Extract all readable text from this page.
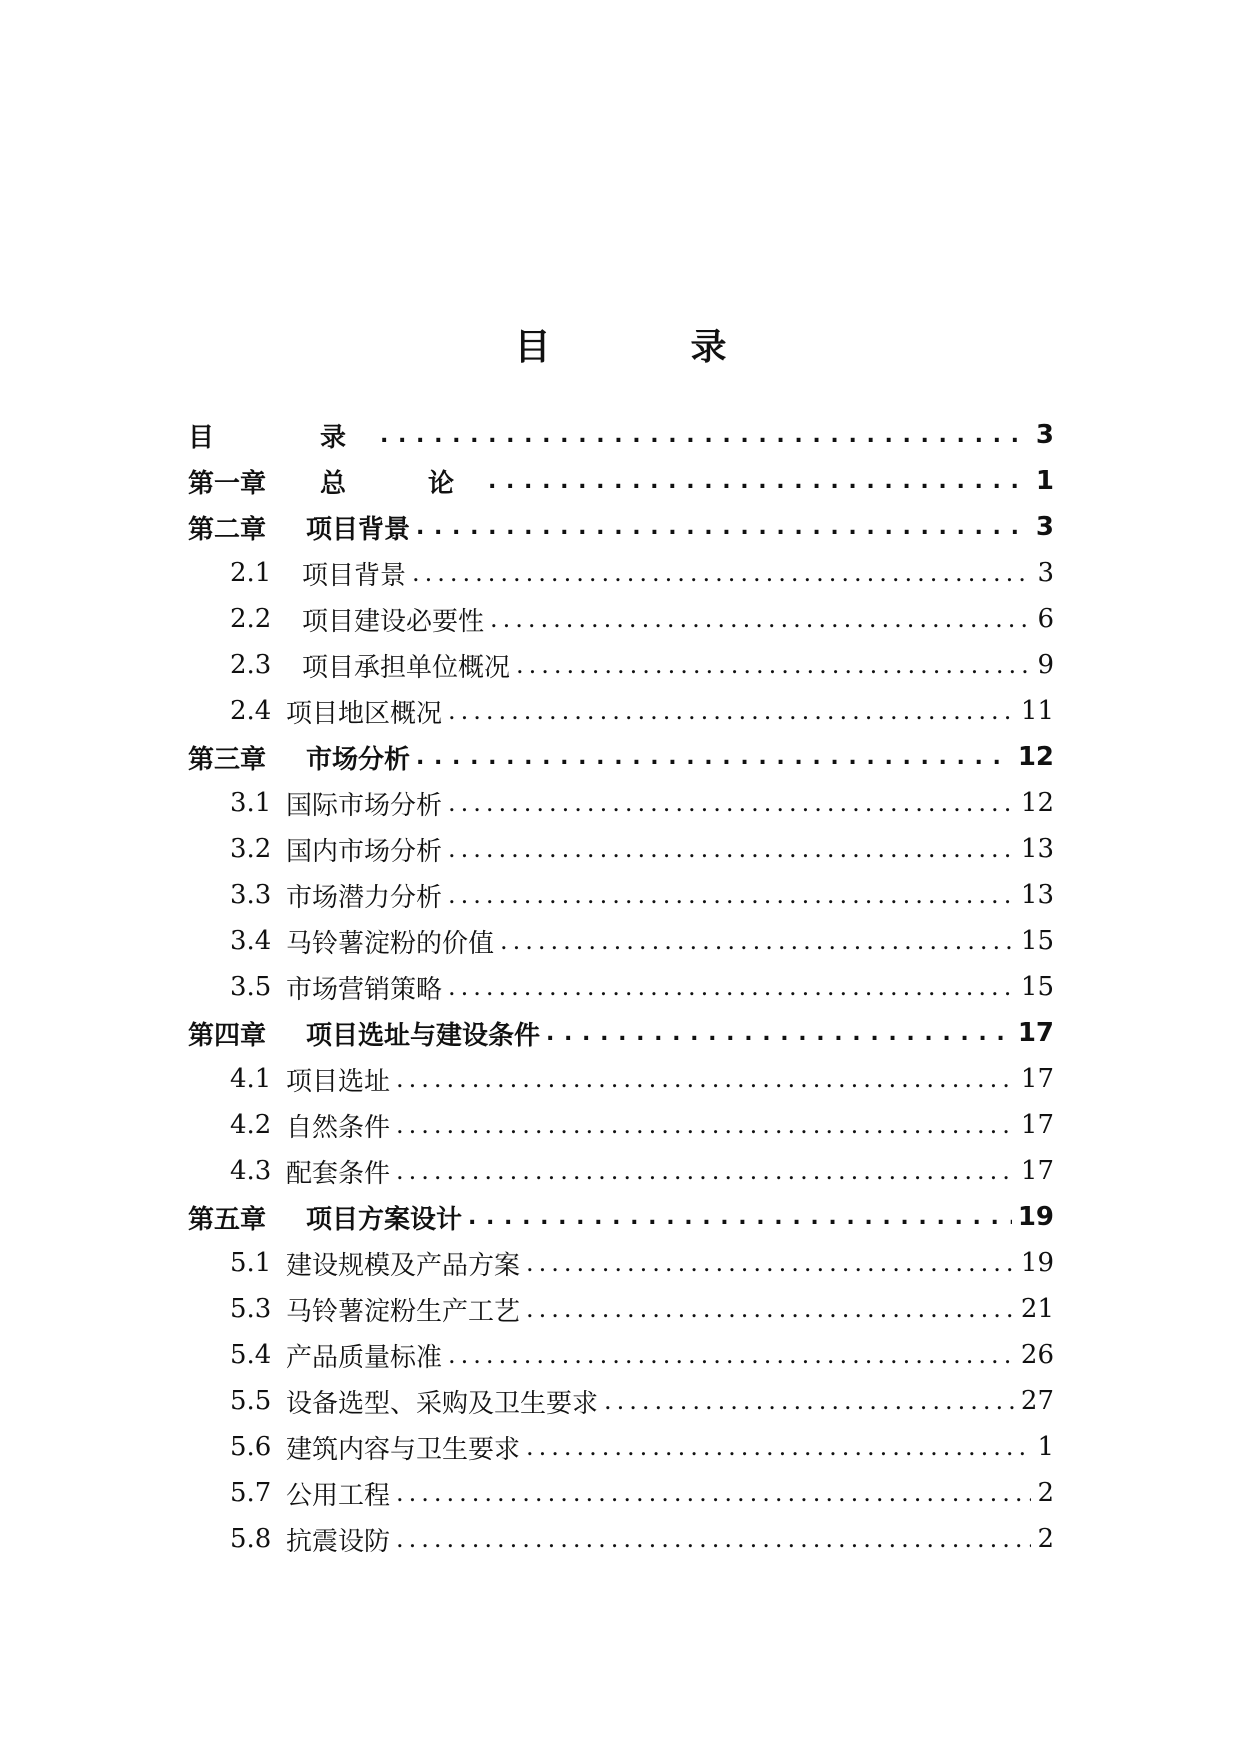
目　录
目	录 . . .	3
第一章	总　论 . . .	1
第二章	项目背景 . . .	3
2.1	项目背景 .....	3
2.2	项目建设必要性 .....	6
2.3	项目承担单位概况 .....	9
2.4 项目地区概况 .....	11
第三章	市场分析 . . .	12
3.1 国际市场分析 .....	12
3.2 国内市场分析 .....	13
3.3 市场潜力分析 .....	13
3.4 马铃薯淀粉的价值 .....	15
3.5 市场营销策略 .....	15
第四章	项目选址与建设条件 . . .	17
4.1 项目选址 .....	17
4.2 自然条件 .....	17
4.3 配套条件 .....	17
第五章	项目方案设计 . . .	19
5.1 建设规模及产品方案 .....	19
5.3 马铃薯淀粉生产工艺 .....	21
5.4 产品质量标准 .....	26
5.5 设备选型、采购及卫生要求 .....	27
5.6 建筑内容与卫生要求 .....	1
5.7 公用工程 .....	2
5.8 抗震设防 .....	2
